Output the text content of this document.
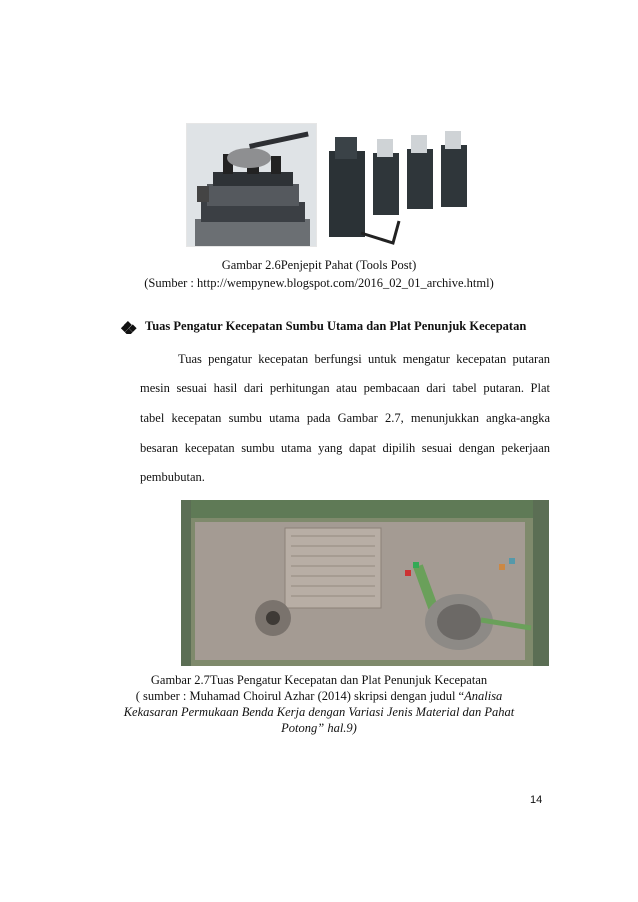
Gambar 2.6Penjepit Pahat (Tools Post)
(Sumber : http://wempynew.blogspot.com/2016_02_01_archive.html)
Tuas Pengatur Kecepatan Sumbu Utama dan Plat Penunjuk Kecepatan
Tuas pengatur kecepatan berfungsi untuk mengatur kecepatan putaran
mesin sesuai hasil dari perhitungan atau pembacaan dari tabel putaran. Plat
tabel kecepatan sumbu utama pada Gambar 2.7, menunjukkan angka-angka
besaran kecepatan sumbu utama yang dapat dipilih sesuai dengan pekerjaan
pembubutan.
Gambar 2.7Tuas Pengatur Kecepatan dan Plat Penunjuk Kecepatan
( sumber : Muhamad Choirul Azhar (2014) skripsi dengan judul “Analisa
Kekasaran Permukaan Benda Kerja dengan Variasi Jenis Material dan Pahat
Potong” hal.9)
14
